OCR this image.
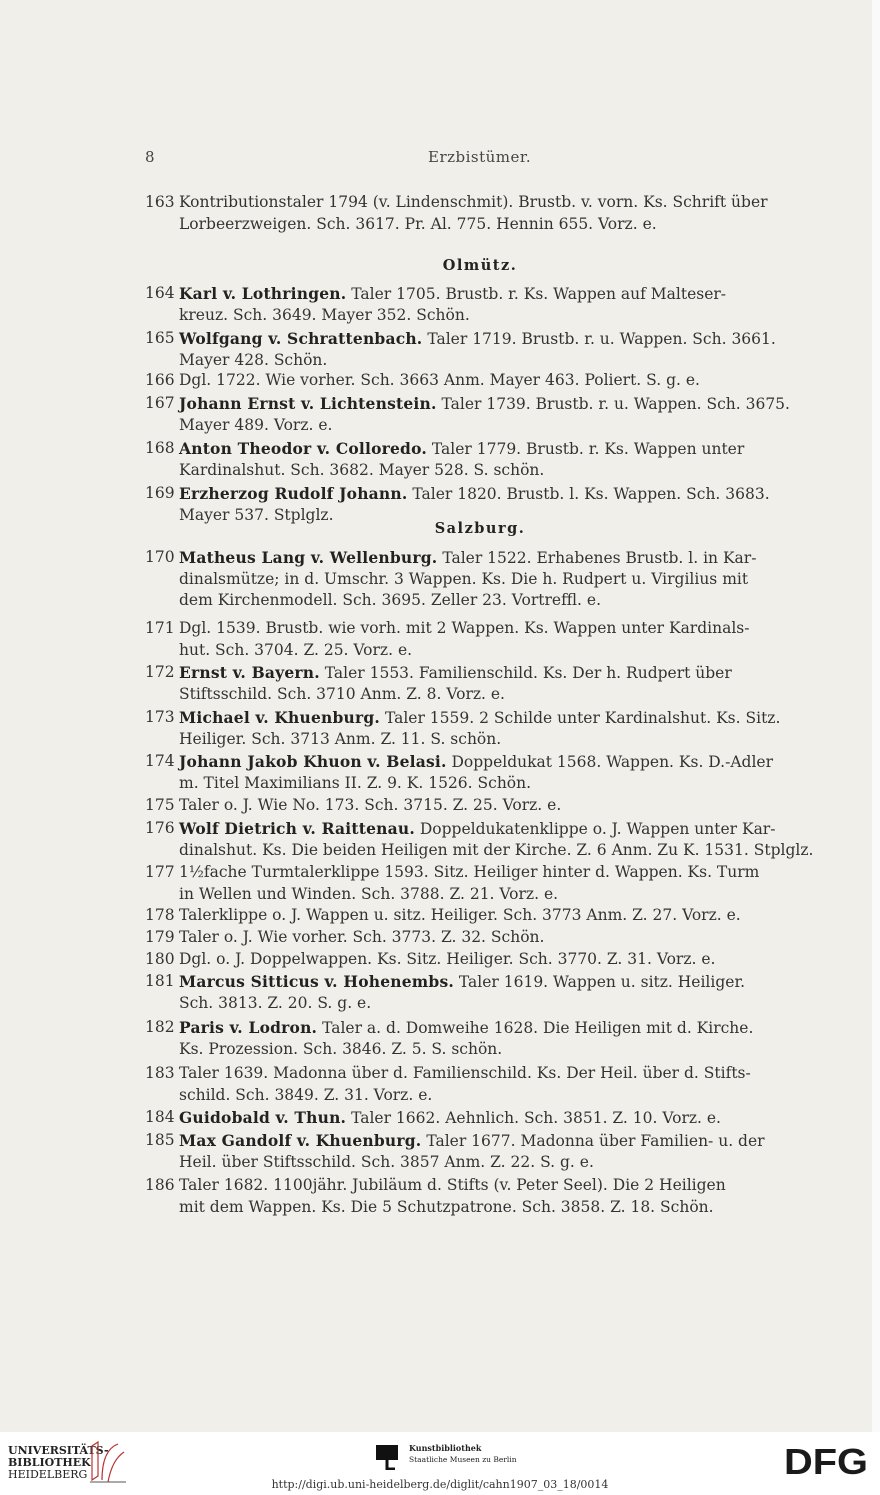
8	Erzbistümer.
Olmütz.
Salzburg.
163 Kontributionstaler 1794 (v. Lindenschmit). Brustb. v. vorn. Ks. Schrift über
Lorbeerzweigen. Sch. 3617. Pr. Al. 775. Hennin 655. Vorz. e.
164 Karl v. Lothringen. Taler 1705. Brustb. r. Ks. Wappen auf Malteser-
kreuz. Sch. 3649. Mayer 352. Schön.
165 Wolfgang v. Schrattenbach. Taler 1719. Brustb. r. u. Wappen. Sch. 3661.
Mayer 428. Schön.
166 Dgl. 1722. Wie vorher. Sch. 3663 Anm. Mayer 463. Poliert. S. g. e.
167 Johann Ernst v. Lichtenstein. Taler 1739. Brustb. r. u. Wappen. Sch. 3675.
Mayer 489. Vorz. e.
168 Anton Theodor v. Colloredo. Taler 1779. Brustb. r. Ks. Wappen unter
Kardinalshut. Sch. 3682. Mayer 528. S. schön.
169 Erzherzog Rudolf Johann. Taler 1820. Brustb. l. Ks. Wappen. Sch. 3683.
Mayer 537. Stplglz.
170 Matheus Lang v. Wellenburg. Taler 1522. Erhabenes Brustb. l. in Kar-
dinalsmütze; in d. Umschr. 3 Wappen. Ks. Die h. Rudpert u. Virgilius mit
dem Kirchenmodell. Sch. 3695. Zeller 23. Vortreffl. e.
171 Dgl. 1539. Brustb. wie vorh. mit 2 Wappen. Ks. Wappen unter Kardinals-
hut. Sch. 3704. Z. 25. Vorz. e.
172 Ernst v. Bayern. Taler 1553. Familienschild. Ks. Der h. Rudpert über
Stiftsschild. Sch. 3710 Anm. Z. 8. Vorz. e.
173 Michael v. Khuenburg. Taler 1559. 2 Schilde unter Kardinalshut. Ks. Sitz.
Heiliger. Sch. 3713 Anm. Z. 11. S. schön.
174 Johann Jakob Khuon v. Belasi. Doppeldukat 1568. Wappen. Ks. D.-Adler
m. Titel Maximilians II. Z. 9. K. 1526. Schön.
175 Taler o. J. Wie No. 173. Sch. 3715. Z. 25. Vorz. e.
176 Wolf Dietrich v. Raittenau. Doppeldukatenklippe o. J. Wappen unter Kar-
dinalshut. Ks. Die beiden Heiligen mit der Kirche. Z. 6 Anm. Zu K. 1531. Stplglz.
177 1½fache Turmtalerklippe 1593. Sitz. Heiliger hinter d. Wappen. Ks. Turm
in Wellen und Winden. Sch. 3788. Z. 21. Vorz. e.
178 Talerklippe o. J. Wappen u. sitz. Heiliger. Sch. 3773 Anm. Z. 27. Vorz. e.
179 Taler o. J. Wie vorher. Sch. 3773. Z. 32. Schön.
180 Dgl. o. J. Doppelwappen. Ks. Sitz. Heiliger. Sch. 3770. Z. 31. Vorz. e.
181 Marcus Sitticus v. Hohenembs. Taler 1619. Wappen u. sitz. Heiliger.
Sch. 3813. Z. 20. S. g. e.
182 Paris v. Lodron. Taler a. d. Domweihe 1628. Die Heiligen mit d. Kirche.
Ks. Prozession. Sch. 3846. Z. 5. S. schön.
183 Taler 1639. Madonna über d. Familienschild. Ks. Der Heil. über d. Stifts-
schild. Sch. 3849. Z. 31. Vorz. e.
184 Guidobald v. Thun. Taler 1662. Aehnlich. Sch. 3851. Z. 10. Vorz. e.
185 Max Gandolf v. Khuenburg. Taler 1677. Madonna über Familien- u. der
Heil. über Stiftsschild. Sch. 3857 Anm. Z. 22. S. g. e.
186 Taler 1682. 1100jähr. Jubiläum d. Stifts (v. Peter Seel). Die 2 Heiligen
mit dem Wappen. Ks. Die 5 Schutzpatrone. Sch. 3858. Z. 18. Schön.
UNIVERSITÄTS-
BIBLIOTHEK
HEIDELBERG
Kunstbibliothek
Staatliche Museen zu Berlin	DFG
http://digi.ub.uni-heidelberg.de/diglit/cahn1907_03_18/0014
